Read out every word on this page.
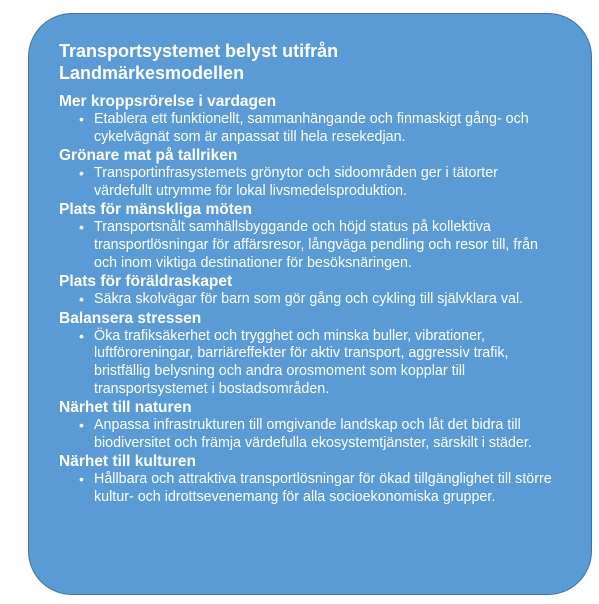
Transportsystemet belyst utifrån
Landmärkesmodellen
Mer kroppsrörelse i vardagen
• Etablera ett funktionellt, sammanhängande och finmaskigt gång- och cykelvägnät som är anpassat till hela resekedjan.
Grönare mat på tallriken
• Transportinfrasystemets grönytor och sidoområden ger i tätorter värdefullt utrymme för lokal livsmedelsproduktion.
Plats för mänskliga möten
• Transportsnålt samhällsbyggande och höjd status på kollektiva transportlösningar för affärsresor, långväga pendling och resor till, från och inom viktiga destinationer för besöksnäringen.
Plats för föräldraskapet
• Säkra skolvägar för barn som gör gång och cykling till självklara val.
Balansera stressen
• Öka trafiksäkerhet och trygghet och minska buller, vibrationer, luftföroreningar, barriäreffekter för aktiv transport, aggressiv trafik, bristfällig belysning och andra orosmoment som kopplar till transportsystemet i bostadsområden.
Närhet till naturen
• Anpassa infrastrukturen till omgivande landskap och låt det bidra till biodiversitet och främja värdefulla ekosystemtjänster, särskilt i städer.
Närhet till kulturen
• Hållbara och attraktiva transportlösningar för ökad tillgänglighet till större kultur- och idrottsevenemang för alla socioekonomiska grupper.
